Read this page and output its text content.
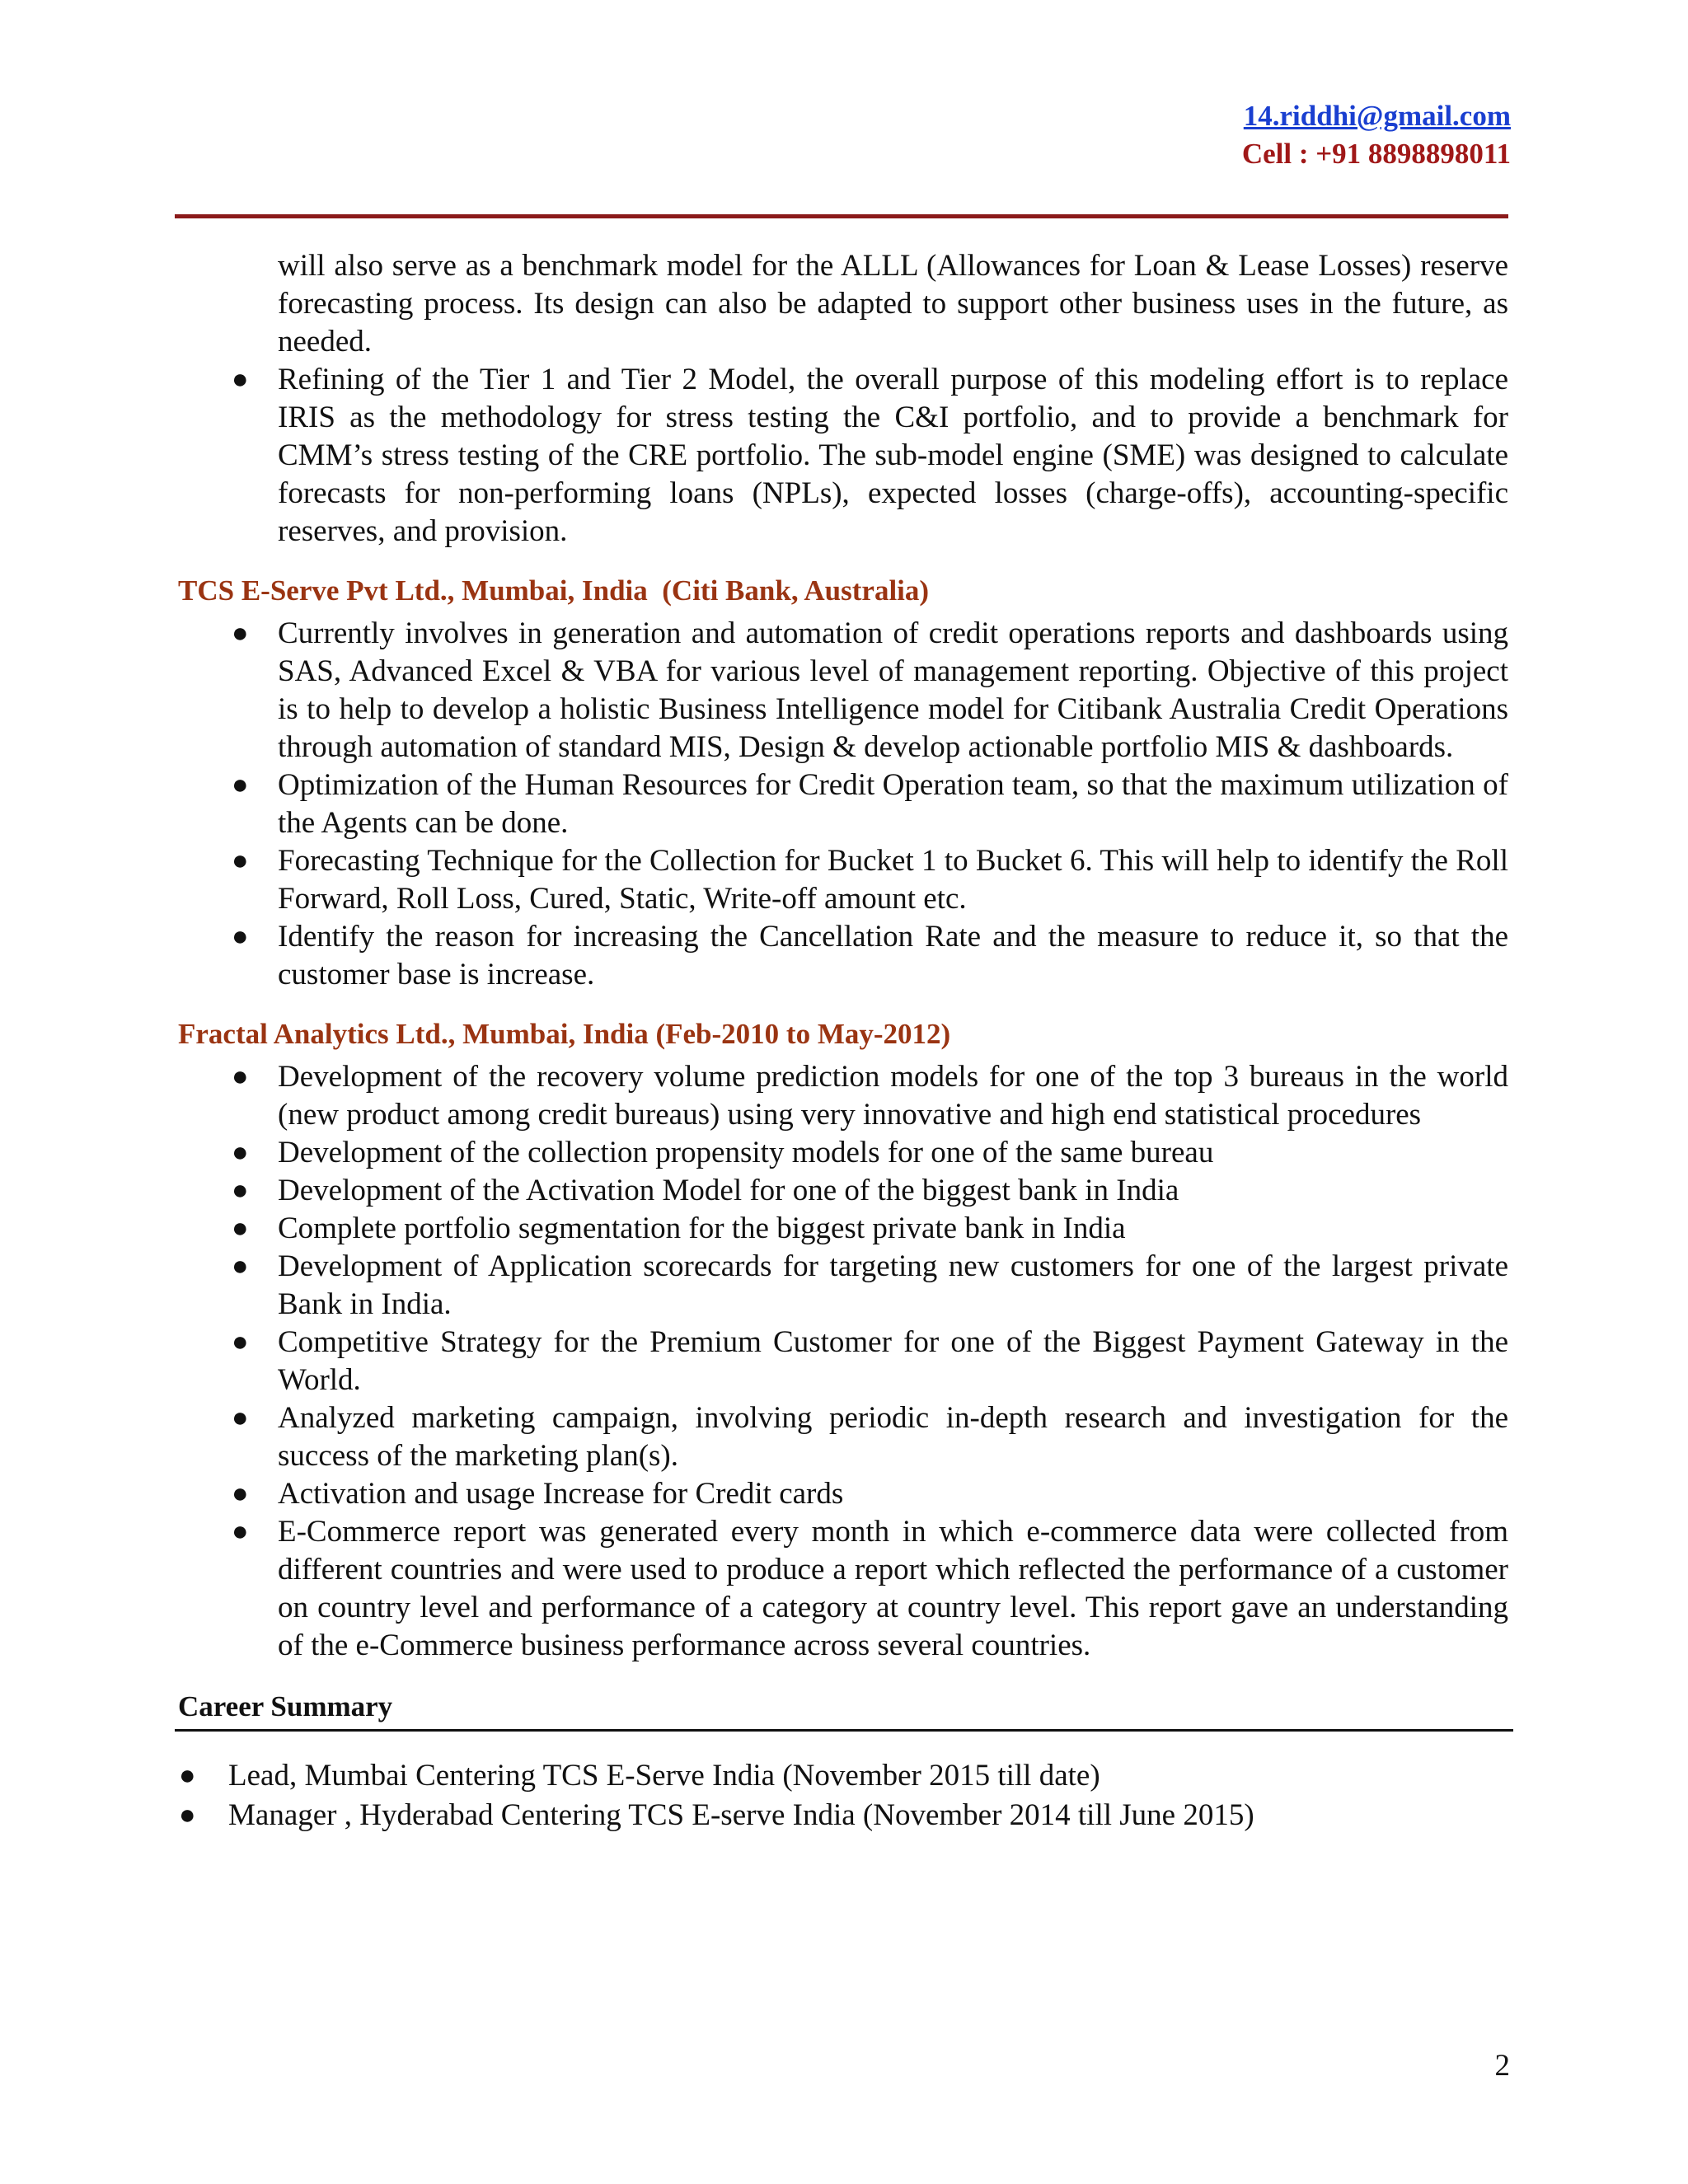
14.riddhi@gmail.com
Cell : +91 8898898011
will also serve as a benchmark model for the ALLL (Allowances for Loan & Lease Losses) reserve forecasting process. Its design can also be adapted to support other business uses in the future, as needed.
● Refining of the Tier 1 and Tier 2 Model, the overall purpose of this modeling effort is to replace IRIS as the methodology for stress testing the C&I portfolio, and to provide a benchmark for CMM’s stress testing of the CRE portfolio. The sub-model engine (SME) was designed to calculate forecasts for non-performing loans (NPLs), expected losses (charge-offs), accounting-specific reserves, and provision.
TCS E-Serve Pvt Ltd., Mumbai, India  (Citi Bank, Australia)
● Currently involves in generation and automation of credit operations reports and dashboards using SAS, Advanced Excel & VBA for various level of management reporting. Objective of this project is to help to develop a holistic Business Intelligence model for Citibank Australia Credit Operations through automation of standard MIS, Design & develop actionable portfolio MIS & dashboards.
● Optimization of the Human Resources for Credit Operation team, so that the maximum utilization of the Agents can be done.
● Forecasting Technique for the Collection for Bucket 1 to Bucket 6. This will help to identify the Roll Forward, Roll Loss, Cured, Static, Write-off amount etc.
● Identify the reason for increasing the Cancellation Rate and the measure to reduce it, so that the customer base is increase.
Fractal Analytics Ltd., Mumbai, India (Feb-2010 to May-2012)
● Development of the recovery volume prediction models for one of the top 3 bureaus in the world (new product among credit bureaus) using very innovative and high end statistical procedures
● Development of the collection propensity models for one of the same bureau
● Development of the Activation Model for one of the biggest bank in India
● Complete portfolio segmentation for the biggest private bank in India
● Development of Application scorecards for targeting new customers for one of the largest private Bank in India.
● Competitive Strategy for the Premium Customer for one of the Biggest Payment Gateway in the World.
● Analyzed marketing campaign, involving periodic in-depth research and investigation for the success of the marketing plan(s).
● Activation and usage Increase for Credit cards
● E-Commerce report was generated every month in which e-commerce data were collected from different countries and were used to produce a report which reflected the performance of a customer on country level and performance of a category at country level. This report gave an understanding of the e-Commerce business performance across several countries.
Career Summary
● Lead, Mumbai Centering TCS E-Serve India (November 2015 till date)
● Manager , Hyderabad Centering TCS E-serve India (November 2014 till June 2015)
2
